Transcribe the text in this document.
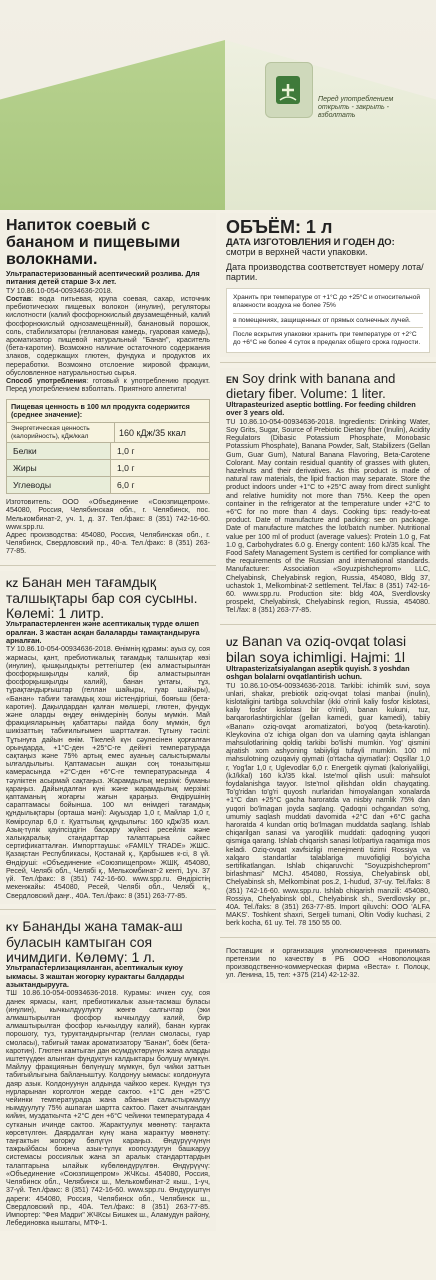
Перед употреблением открыть - закрыть - взболтать
Напиток соевый с бананом и пищевыми волокнами.
Ультрапастеризованный асептический розлива. Для питания детей старше 3-х лет.
ТУ 10.86.10-054-00934636-2018.
Состав: вода питьевая, крупа соевая, сахар, источник пребиотических пищевых волокон (инулин), регуляторы кислотности (калий фосфорнокислый двузамещённый, калий фосфорнокислый однозамещённый), банановый порошок, соль, стабилизаторы (геллановая камедь, гуаровая камедь), ароматизатор пищевой натуральный "Банан", краситель (бета-каротин). Возможно наличие остаточного содержания злаков, содержащих глютен, фундука и продуктов их переработки. Возможно отслоение жировой фракции, обусловленное натуральностью сырья.
Способ употребления: готовый к употреблению продукт. Перед употреблением взболтать. Приятного аппетита!
Пищевая ценность в 100 мл продукта содержится (среднее значение):
Энергетическая ценность (калорийность), кДж/ккал	160 кДж/35 ккал
Белки	1,0 г
Жиры	1,0 г
Углеводы	6,0 г
Изготовитель: ООО «Объединение «Союзпищепром». 454080, Россия, Челябинская обл., г. Челябинск, пос. Мелькомбинат-2, уч. 1, д. 37. Тел./факс: 8 (351) 742-16-60. www.spp.ru.
Адрес производства: 454080, Россия, Челябинская обл., г. Челябинск, Свердловский пр., 40-а. Тел./факс: 8 (351) 263-77-85.
KZ Банан мен тағамдық талшықтары бар соя сусыны. Көлемі: 1 литр.
Ультрапастерленген және асептикалық түрде өлшеп оралған. 3 жастан асқан балаларды тамақтандыруға арналған.
ТУ 10.86.10-054-00934636-2018. Өнімнің құрамы: ауыз су, соя жармасы, қант, пребиотикалық тағамдық талшықтар көзі (инулин), қышқылдықты реттегіштер (екі алмастырылған фосфорқышқылды калий, бір алмастырылған фосфорқышқылды калий), банан ұнтағы, тұз, тұрақтандырғыштар (геллан шайыры, гуар шайыры), «Банан» табиғи тағамдық хош иістендіргіші, бояғыш (бета-каротин). Дақылдардан қалған мөлшері, глютен, фундук және оларды өңдеу өнімдерінің болуы мүмкін. Май фракцияларының қабаттары пайда болу мүмкін, бұл шикізаттың табиғилығымен шартталған. Тұтыну тәсілі: Тұтынуға дайын өнім. Тікелей күн сәулесінен қорғалған орындарда, +1°С-ден +25°С-ге дейінгі температурада сақтаңыз және 75% артық емес ауаның салыстырмалы ылғалдылығы. Қаптамасын ашқан соң тоназытқыш камерасында +2°С-ден +6°С-ге температурасында 4 тәуліктен асырмай сақтаңыз. Жарамдылық мерзімі: буманы қараңыз. Дайындалған күні және жарамдылық мерзімі: қаптаманың жоғарғы жағын қараңыз. Өндірушінің сараптамасы бойынша. 100 мл өнімдегі тағамдық құндылықтары (орташа мәні): Ақуыздар 1,0 г, Майлар 1,0 г, Көмірсулар 6,0 г. Қуаттылық құндылығы: 160 кДж/35 ккал. Азық-түлік қауіпсіздігін басқару жүйесі ресейлік және халықаралық стандарттар талаптарына сәйкес сертификатталған. Импорттаушы: «FAMILY TRADE» ЖШС. Қазақстан Республикасы, Қостанай қ., Қарбышев к-сі, 8 үй. Өндіруші: «Объединение «Союзпищепром» ЖШҚ. 454080, Ресей, Челябі обл., Челябі қ., Мелькомбинат-2 кенті, 1уч. 37 үй. Тел./факс: 8 (351) 742-16-60. www.spp.ru. Өндірістің мекенжайы: 454080, Ресей, Челябі обл., Челябі қ., Свердловский даңғ., 40А. Тел./факс: 8 (351) 263-77-85.
KY Бананды жана тамак-аш буласын камтыган соя ичимдиги. Көлөмү: 1 л.
Ультрапастерлизацияланган, асептикалык куюу ыкмасы. 3 жаштан жогорку курактагы балдарды азыктандырууга.
ТШ 10.86.10-054-00934636-2018. Курамы: ичкен суу, соя данек ярмасы, кант, пребиотикалык азык-тасмаш буласы (инулин), кычкылдуулукту жөнгө салгычтар (эки алмаштырылган фосфор кычкылдуу калий, бир алмаштырылган фосфор кычкылдуу калий), банан кургак порошогу, туз, туруктандыргычтар (геллан смоласы, гуар смоласы), табигый тамак ароматизатору "Банан", боёк (бета-каротин). Глютен камтыган дан өсүмдүктөрүнүн жана аларды иштетүүдөн алынган фундуктун калдыктары болушу мүмкүн. Майлуу фракциянын бөлүнүшү мүмкүн, бул чийки заттын табигыйлыгына байланыштуу. Колдонуу ыкмасы: колдонууга даяр азык. Колдонуунун алдында чайкоо керек. Күндүн түз нурларынан корголгон жерде сактоо. +1°С ден +25°С чейинки температурада жана абанын салыстырмалуу нымдуулугу 75% ашпаган шартта сактоо. Пакет ачылгандан кийин, муздаткычта +2°С ден +6°С чейинки температурада 4 сутканын ичинде сактоо. Жарактуулук мөөнөтү: таңгакта көрсөтүлгөн. Даярдалган күнү жана жарактуу мөөнөтү: таңгактын жогорку бөлүгүн караңыз. Өндүрүүчүнүн тажрыйбасы боюнча азык-түлүк коопсуздугун башкаруу системасы россиялык жана эл аралык стандарттардын талаптарына ылайык күбөлөндүрүлгөн. Өндүрүүчү: «Объединение «Союзпищепром» ЖЧКсы. 454080, Россия, Челябинск обл., Челябинск ш., Мелькомбинат-2 кыш., 1-уч, 37-үй. Тел./факс: 8 (351) 742-16-60. www.spp.ru. Өндүрүштүн дареги: 454080, Россия, Челябинск обл., Челябинск ш., Свердловский пр., 40А. Тел./факс: 8 (351) 263-77-85. Импортер: "Фея Мадри" ЖЧКсы Бишкек ш., Аламудун району, Лебединовка кыштагы, МТФ-1.
ОБЪЁМ: 1 л
ДАТА ИЗГОТОВЛЕНИЯ И ГОДЕН ДО:
смотри в верхней части упаковки.
Дата производства соответствует номеру лота/партии.
Хранить при температуре от +1°С до +25°С и относительной влажности воздуха не более 75%
в помещениях, защищенных от прямых солнечных лучей.
После вскрытия упаковки хранить при температуре от +2°С до +6°С не более 4 суток в пределах общего срока годности.
EN Soy drink with banana and dietary fiber. Volume: 1 liter.
Ultrapasteurized aseptic bottling. For feeding children over 3 years old.
TU 10.86.10-054-00934636-2018. Ingredients: Drinking Water, Soy Grits, Sugar, Source of Prebiotic Dietary fiber (Inulin), Acidity Regulators (Dibasic Potassium Phosphate, Monobasic Potassium Phosphate), Banana Powder, Salt, Stabilizers (Gellan Gum, Guar Gum), Natural Banana Flavoring, Beta-Carotene Colorant. May contain residual quantity of grasses with gluten, hazelnuts and their derivatives. As this product is made of natural raw materials, the lipid fraction may separate. Store the product indoors under +1°C to +25°C away from direct sunlight and relative humidity not more than 75%. Keep the open container in the refrigerator at the temperature under +2°C to +6°C for no more than 4 days. Cooking tips: ready-to-eat product. Date of manufacture and packing: see on package. Date of manufacture matches the lot/batch number. Nutritional value per 100 ml of product (average values): Protein 1.0 g, Fat 1.0 g, Carbohydrates 6.0 g. Energy content: 160 kJ/35 kcal. The Food Safety Management System is certified for compliance with the requirements of the Russian and international standards. Manufacturer: Association «Soyuzpishcheprom» LLC, Chelyabinsk, Chelyabinsk region, Russia, 454080, Bldg 37, uchastok 1, Melkombinat-2 settlement. Tel./fax: 8 (351) 742-16-60. www.spp.ru. Production site: bldg 40A, Sverdlovsky prospekt, Chelyabinsk, Chelyabinsk region, Russia, 454080. Tel./fax: 8 (351) 263-77-85.
UZ Banan va oziq-ovqat tolasi bilan soya ichimligi. Hajmi: 1l
Ultrapasterizatsiyalangan aseptik quyish. 3 yoshdan oshgan bolalarni ovqatlantirish uchun.
TU 10.86.10-054-00934636-2018. Tarkibi: ichimlik suvi, soya unlari, shakar, prebiotik oziq-ovqat tolasi manbai (inulin), kislotaligini tartibga soluvchilar (ikki o'rinli kaliy fosfor kislotasi, kaliy fosfor kislotasi bir o'rinli), banan kukuni, tuz, barqarorlashtirgichlar (gellan kamedi, guar kamedi), tabiiy «Banan» oziq-ovqat aromatizatori, bo'yoq (beta-karotin). Kleykovina o'z ichiga olgan don va ularning qayta ishlangan mahsulotlarining qoldiq tarkibi bo'lishi mumkin. Yog' qismini ajratish xom ashyoning tabiiyligi tufayli mumkin. 100 ml mahsulotning ozuqaviy qiymati (o'rtacha qiymatlar): Oqsillar 1,0 г, Yog'lar 1,0 г, Uglevodlar 6,0 г. Energetik qiymati (kaloriyaliligi, (kJ/kkal) 160 kJ/35 kkal. Iste'mol qilish usuli: mahsulot foydalanishga tayyor. Iste'mol qilishdan oldin chayqating. To'g'ridan to'g'ri quyosh nurlaridan himoyalangan xonalarda +1°C dan +25°C gacha haroratda va nisbiy namlik 75% dan yuqori bo'lmagan joyda saqlang. Qadoqni ochgandan so'ng, umumiy saqlash muddati davomida +2°C dan +6°C gacha haroratda 4 kundan ortiq bo'lmagan muddatda saqlang. Ishlab chiqarilgan sanasi va yaroqlilik muddati: qadoqning yuqori qismiga qarang. Ishlab chiqarish sanasi lot/partiya raqamiga mos keladi. Oziq-ovqat xavfsizligi menejmenti tizimi Rossiya va xalqaro standartlar talablariga muvofiqligi bo'yicha sertifikatlangan. Ishlab chiqaruvchi: "Soyuzpishcheprom" birlashmasi" MChJ. 454080, Rossiya, Chelyabinsk obl, Chelyabinsk sh, Melkombinat pos.2, 1-hudud, 37-uy. Tel./faks: 8 (351) 742-16-60. www.spp.ru. Ishlab chiqarish manzili: 454080, Rossiya, Chelyabinsk obl., Chelyabinsk sh., Sverdlovsky pr., 40A. Tel./faks: 8 (351) 263-77-85. Import qiluvchi: ООО 'ALFA MAKS'. Toshkent shaxri, Sergeli tumani, Oltin Vodiy kuchasi, 2 berk kocha, 61 uy. Tel. 78 150 55 00.
Поставщик и организация уполномоченная принимать претензии по качеству в РБ ООО «Новополоцкая производственно-коммерческая фирма «Веста» г. Полоцк, ул. Ленина, 15, тел: +375 (214) 42-12-32.
